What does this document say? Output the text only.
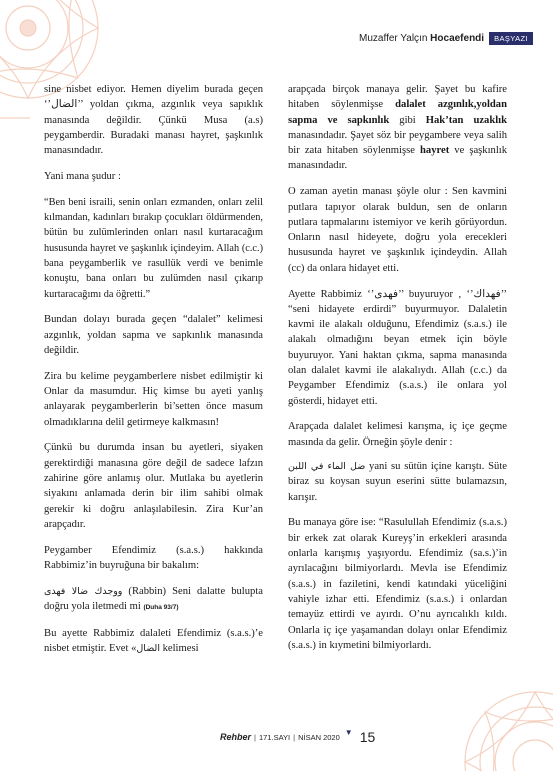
Muzaffer Yalçın Hocaefendi	BAŞYAZI

sine nisbet ediyor. Hemen diyelim burada geçen ‘’الضال’’ yoldan çıkma, azgınlık veya sapıklık manasında değildir. Çünkü Musa (a.s) peygamberdir. Buradaki manası hayret, şaşkınlık manasındadır.

Yani mana şudur :

“Ben beni israili, senin onları ezmanden, onları zelil kılmandan, kadınları bırakıp çocukları öldürmenden, bütün bu zulümlerinden onları nasıl kurtaracağım hususunda hayret ve şaşkınlık içindeyim. Allah (c.c.) bana peygamberlik ve rasullük verdi ve benimle konuştu, bana onları bu zulümden nasıl çıkarıp kurtaracağımı da öğretti.”

Bundan dolayı burada geçen “dalalet” kelimesi azgınlık, yoldan sapma ve sapkınlık manasında değildir.

Zira bu kelime peygamberlere nisbet edilmiştir ki Onlar da masumdur. Hiç kimse bu ayeti yanlış anlayarak peygamberlerin bi’setten önce masum olmadıklarına delil getirmeye kalkmasın!

Çünkü bu durumda insan bu ayetleri, siyaken gerektirdiği manasına göre değil de sadece lafzın zahirine göre anlamış olur. Mutlaka bu ayetlerin siyakını anlamada derin bir ilim sahibi olmak gerekir ki doğru anlaşılabilesin. Zira Kur’an arapçadır.

Peygamber Efendimiz (s.a.s.) hakkında Rabbimiz’in buyruğuna bir bakalım:

ووجدك ضالا فهدى (Rabbin) Seni dalatte bulupta doğru yola iletmedi mi (Duha 93/7)

Bu ayette Rabbimiz dalaleti Efendimiz (s.a.s.)’e nisbet etmiştir. Evet «الضال kelimesi

arapçada birçok manaya gelir. Şayet bu kafire hitaben söylenmişse dalalet azgınlık,yoldan sapma ve sapkınlık gibi Hak’tan uzaklık manasındadır. Şayet söz bir peygambere veya salih bir zata hitaben söylenmişse hayret ve şaşkınlık manasındadır.

O zaman ayetin manası şöyle olur : Sen kavmini putlara tapıyor olarak buldun, sen de onların putlara tapmalarını istemiyor ve kerih görüyordun. Onların nasıl hideyete, doğru yola erecekleri hususunda hayret ve şaşkınlık içindeydin. Allah (cc) da onlara hidayet etti.

Ayette Rabbimiz ‘’فهدى’’ buyuruyor , ‘’فهداك’’ “seni hidayete erdirdi” buyurmuyor. Dalaletin kavmi ile alakalı olduğunu, Efendimiz (s.a.s.) ile alakalı olmadığını beyan etmek için böyle buyuruyor. Yani haktan çıkma, sapma manasında olan dalalet kavmi ile alakalıydı. Allah (c.c.) da Peygamber Efendimiz (s.a.s.) ile onlara yol gösterdi, hidayet etti.

Arapçada dalalet kelimesi karışma, iç içe geçme masında da gelir. Örneğin şöyle denir :

ضل الماء في اللبن yani su sütün içine karıştı. Süte biraz su koysan suyun eserini sütte bulamazsın, karışır.

Bu manaya göre ise: “Rasulullah Efendimiz (s.a.s.) bir erkek zat olarak Kureyş’in erkekleri arasında onlarla karışmış yaşıyordu. Efendimiz (sa.s.)’in ayrılacağını bilmiyorlardı. Mevla ise Efendimiz (s.a.s.) in faziletini, kendi katındaki yüceliğini vahiyle izhar etti. Efendimiz (s.a.s.) i onlardan temayüz ettirdi ve ayırdı. O’nu ayrıcalıklı kıldı. Onlarla iç içe yaşamandan dolayı onlar Efendimiz (s.a.s.) in kıymetini bilmiyorlardı.

Rehber | 171.SAYI | NİSAN 2020
▼ 15
